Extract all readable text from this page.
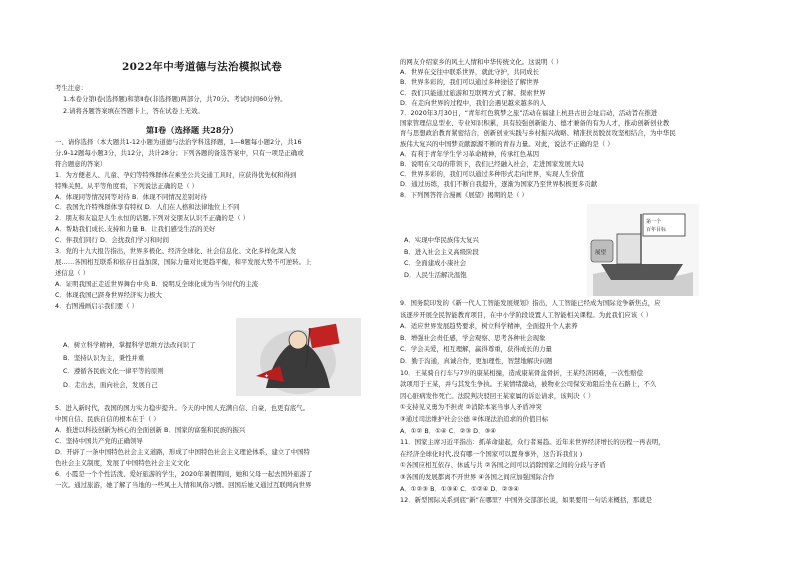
2022年中考道德与法治模拟试卷
考生注意：
1.本卷分第Ⅰ卷(选择题)和第Ⅱ卷(非选择题)两部分，共70分。考试时间60分钟。
2.请将各题答案填在答题卡上，答在试卷上无效。
第Ⅰ卷（选择题 共28分）
一、请你选择（本大题共1-12小题为道德与法治学科选择题，1—8题每小题2分，共16
分,9-12题每小题3分，共12分，共计28分；下列各题的备选答案中，只有一项是正确或
符合题意的答案）
1．为方便老人、儿童、孕妇等特殊群体在乘坐公共交通工具时，应获得优先权和得到
特殊关照。从平等角度看，下列说法正确的是（ ）
A．体现同等情况同等对待 B．体现不同情况差别对待
C．我国允许特殊群体享有特权 D．人们在人格和法律地位上不同
2．朋友和友谊是人生永恒的话题,下列对交朋友认识不正确的是（ ）
A．帮助我们成长,支持和力量 B．让我们感受生活的美好
C．伴我们同行 D．会扰我们学习和时间
3．党的十九大报告指出，世界多极化、经济全球化、社会信息化、文化多样化深入发
展……各国相互联系和依存日益加深，国际力量对比更趋平衡，和平发展大势不可逆转。上
述信息（ ）
A．证明我国正走近世界舞台中央 B．说明反全球化成为当今时代的主流
C．体现我国已跻身世界经济实力极大
4．右图漫画启示我们要（ ）
A．树立科学精神，掌握科学思维方法改问识了
B．坚持认识为主，秉性并重
C．遵循各民族文化一律平等的原则
D．走出去，面向社会，发展自己
5．进入新时代，我国的国力实力稳步提升。今天的中国人充满自信、自豪，也更有底气。
中国自信、民族自信的根本在于（ ）
A．推进以科技创新为核心的全面创新 B．国家的富强和民族的振兴
C．坚持中国共产党的正确领导
D．开辟了一条中国特色社会主义道路，形成了中国特色社会主义理论体系，建立了中国特
色社会主义制度，发展了中国特色社会主义文化
6．小霞是一个个性活泼、爱好旅游的学生，2020年暑假期间，她和父母一起去国外旅游了
一次。通过旅游，她了解了当地的一些风土人情和风俗习惯。回国后她又通过互联网向世界
✦
的网友介绍家乡的风土人情和中华传统文化。这说明（ ）
A．世界在交往中联系世界，就此守护，共同成长
B．世界多彩的，我们可以通过多种途径了解世界
C．我们只能通过旅游和互联网方式了解、探索世界
D．在走向世界的过程中，我们会遇见越来越多的人
7．2020年3月30日，“青年红色筑梦之旅”活动在福建上杭县古田会址启动，活动旨在推进
国家管理信息型业、专业知识积累，具有较强创新能力、德才兼备的有为人才，推动创新创业教
育与思想政治教育紧密结合，创新创业实践与乡村振兴战略、精准扶贫脱贫攻坚相结合，为中华民
族伟大复兴的中国梦贡献源源不断的青春力量。对此，说法不正确的是（ ）
A．有利于青年学生学习革命精神，传承红色基因
B．说明在父母的带领下，我们已经融入社会，走进国家发展大局
C．世界多彩的，我们可以通过多种形式走向世界，实现人生价值
D．通过历练，我们不断自我提升，逐渐为国家乃至世界积极更多贡献
8．下列图答符合漫画《展望》揭期的是（ ）
A．实现中华民族伟大复兴
B．进入社会主义高级阶段
C．全面建成小康社会
D．人民生活解决温饱
9．国务院印发的《新一代人工智能发展规划》指出，人工智能已经成为国际竞争新焦点，应
该逐步开展全民智能教育项目，在中小学阶段设置人工智能相关课程。为此我们应该（ ）
A．适应世界发展趋势要求，树立科学精神，全面提升个人素养
B．增强社会责任感，学会观察、思考各种社会现象
C．学会关爱，相互理解，赢得尊重，获得成长的力量
D．勤于沟通，真诚合作，更加理性，智慧地解决问题
10．王某骑自行车与7岁的康某相撞，造成康某骨盆骨折，王某经济困难，一次性赔偿
款项用于王某，并与其发生争执。王某情绪激动，被物业公司保安劝阻后坐在石路上，不久
因心脏病发作死亡。法院判决驳回王某家属的诉讼请求，该判决（ ）
①支持见义勇为不担责 ②消除本案当事人矛盾冲突
③通过司法维护社会公德 ④体现法治追求的价值目标
A．①② B．①④ C．②③ D．③④
11．国家主席习近平指出：抓革命建起，众行者易趋。近年来世界经济增长的历程一再表明，
在经济全球化时代,没有哪一个国家可以置身事外，这告诉我们( )
①各国应相互依存、休戚与共 ②各国之间可以消除国家之间的分歧与矛盾
③各国的发展都离不开世界 ④各国之间应加强国际合作
A．①②③ B．①③④ C．①②④ D．②③④
12．新型国际关系到底“新”在哪里？中国外交部部长说，如果要用一句话来概括，那就是
展望
第一个
百年目标
